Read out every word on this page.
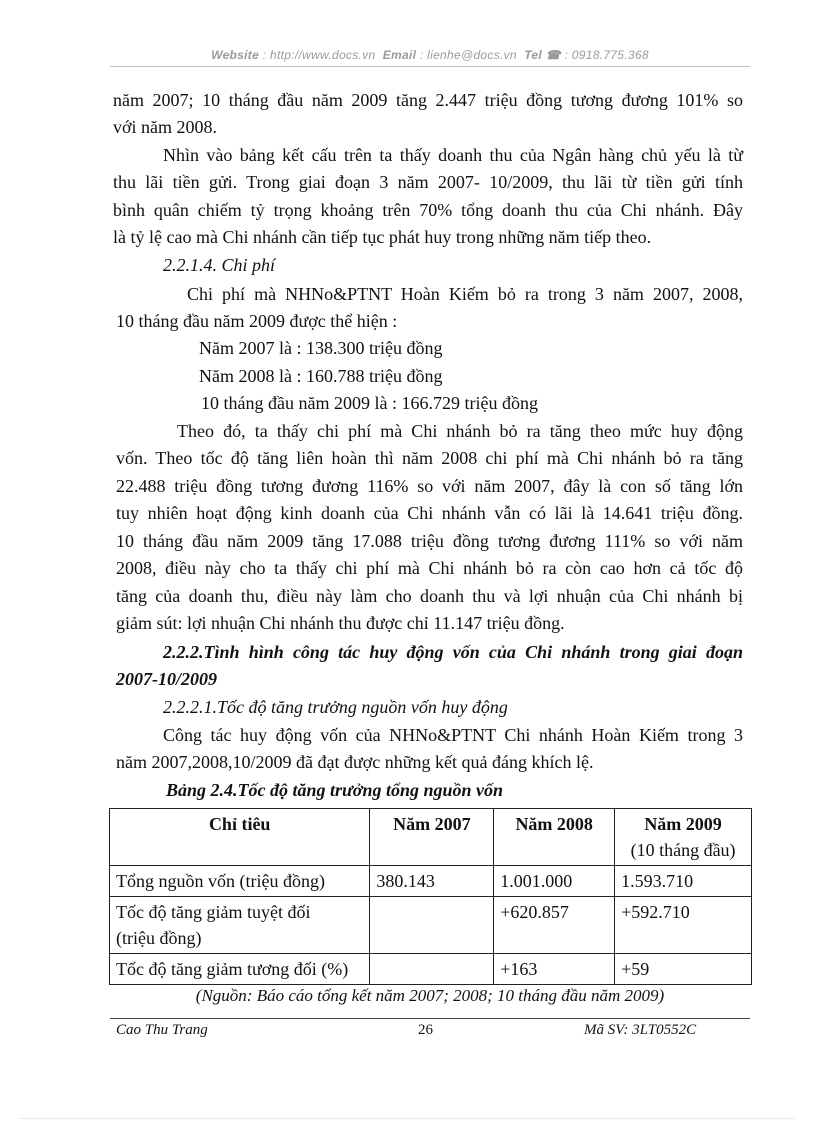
Website : http://www.docs.vn Email : lienhe@docs.vn Tel ☎ : 0918.775.368
năm 2007; 10 tháng đầu năm 2009 tăng 2.447 triệu đồng tương đương 101% so
với năm 2008.
Nhìn vào bảng kết cấu trên ta thấy doanh thu của Ngân hàng chủ yếu là từ
thu lãi tiền gửi. Trong giai đoạn 3 năm 2007- 10/2009, thu lãi từ tiền gửi tính
bình quân chiếm tỷ trọng khoảng trên 70% tổng doanh thu của Chi nhánh. Đây
là tỷ lệ cao mà Chi nhánh cần tiếp tục phát huy trong những năm tiếp theo.
2.2.1.4. Chi phí
Chi phí mà NHNo&PTNT Hoàn Kiếm bỏ ra trong 3 năm 2007, 2008,
10 tháng đầu năm 2009 được thể hiện :
Năm 2007 là : 138.300 triệu đồng
Năm 2008 là : 160.788 triệu đồng
10 tháng đầu năm 2009 là : 166.729 triệu đồng
Theo đó, ta thấy chi phí mà Chi nhánh bỏ ra tăng theo mức huy động
vốn. Theo tốc độ tăng liên hoàn thì năm 2008 chi phí mà Chi nhánh bỏ ra tăng
22.488 triệu đồng tương đương 116% so với năm 2007, đây là con số tăng lớn
tuy nhiên hoạt động kinh doanh của Chi nhánh vẫn có lãi là 14.641 triệu đồng.
10 tháng đầu năm 2009 tăng 17.088 triệu đồng tương đương 111% so với năm
2008, điều này cho ta thấy chi phí mà Chi nhánh bỏ ra còn cao hơn cả tốc độ
tăng của doanh thu, điều này làm cho doanh thu và lợi nhuận của Chi nhánh bị
giảm sút: lợi nhuận Chi nhánh thu được chỉ 11.147 triệu đồng.
2.2.2.Tình hình công tác huy động vốn của Chi nhánh trong giai đoạn
2007-10/2009
2.2.2.1.Tốc độ tăng trưởng nguồn vốn huy động
Công tác huy động vốn của NHNo&PTNT Chi nhánh Hoàn Kiếm trong 3
năm 2007,2008,10/2009 đã đạt được những kết quả đáng khích lệ.
Bảng 2.4.Tốc độ tăng trưởng tổng nguồn vốn
Chỉ tiêu	Năm 2007	Năm 2008	Năm 2009
(10 tháng đầu)

Tổng nguồn vốn (triệu đồng)	380.143	1.001.000	1.593.710

Tốc độ tăng giảm tuyệt đối
(triệu đồng)		+620.857	+592.710
Tốc độ tăng giảm tương đối (%)		+163	+59
(Nguồn: Báo cáo tổng kết năm 2007; 2008; 10 tháng đầu năm 2009)
Cao Thu Trang	26	Mã SV: 3LT0552C
